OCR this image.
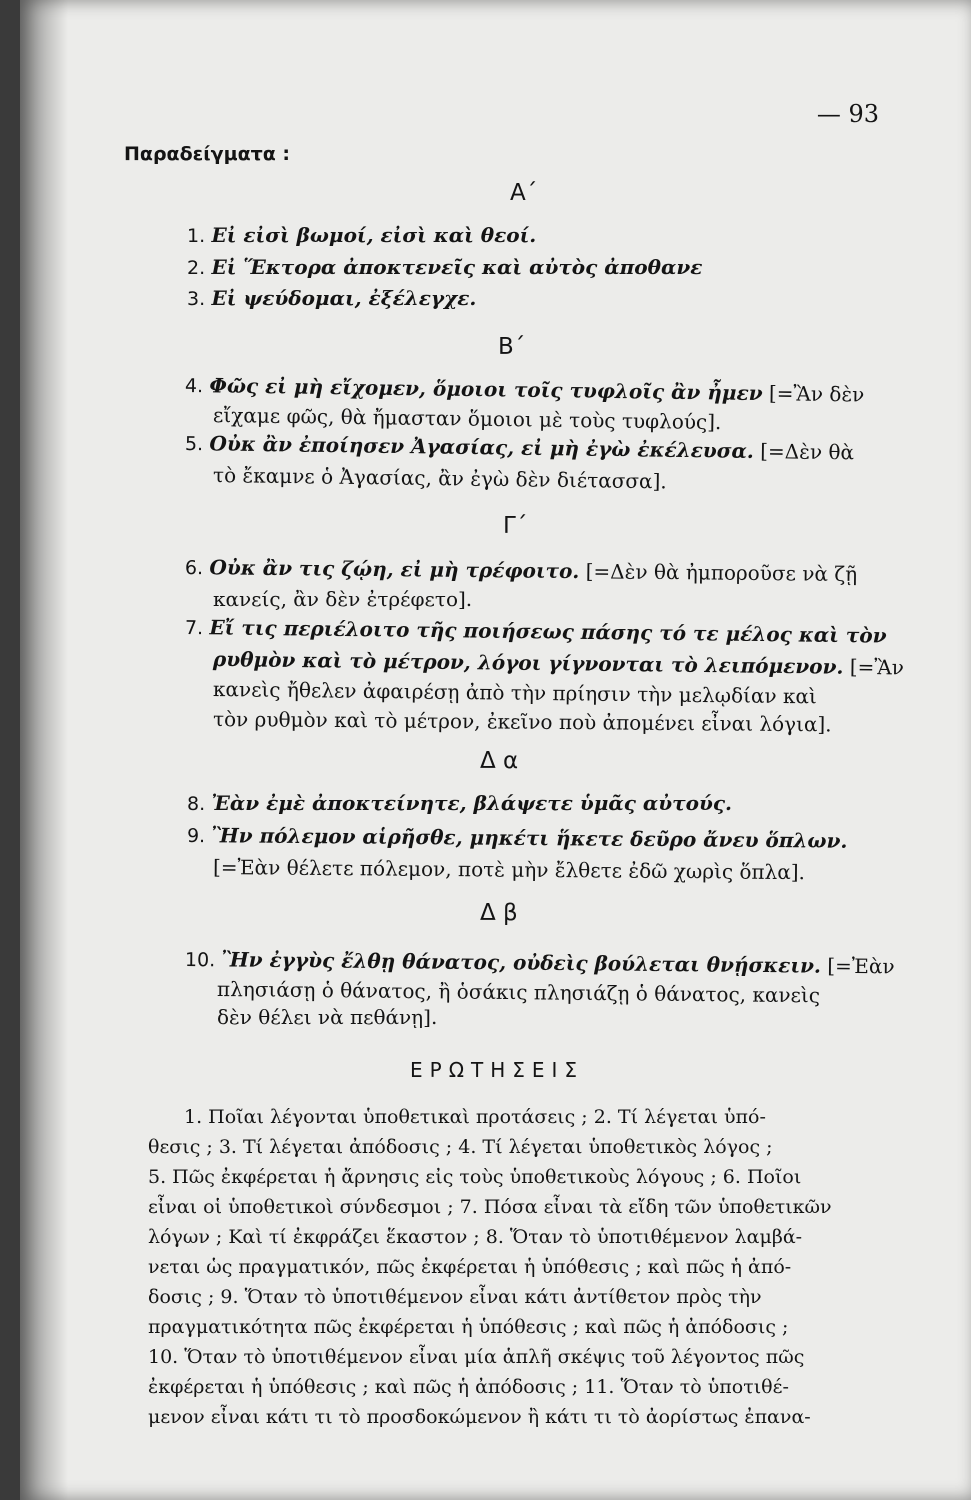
— 93
Παραδείγματα :
Α΄
1. Εἰ εἰσὶ βωμοί, εἰσὶ καὶ θεοί.
2. Εἰ Ἕκτορα ἀποκτενεῖς καὶ αὐτὸς ἀποθανε
3. Εἰ ψεύδομαι, ἐξέλεγχε.
Β΄
4. Φῶς εἰ μὴ εἴχομεν, ὅμοιοι τοῖς τυφλοῖς ἂν ἦμεν [=Ἂν δὲν
εἴχαμε φῶς, θὰ ἤμασταν ὅμοιοι μὲ τοὺς τυφλούς].
5. Οὐκ ἂν ἐποίησεν Ἀγασίας, εἰ μὴ ἐγὼ ἐκέλευσα. [=Δὲν θὰ
τὸ ἔκαμνε ὁ Ἀγασίας, ἂν ἐγὼ δὲν διέτασσα].
Γ΄
6. Οὐκ ἂν τις ζῴη, εἰ μὴ τρέφοιτο. [=Δὲν θὰ ἠμποροῦσε νὰ ζῇ
κανείς, ἂν δὲν ἐτρέφετο].
7. Εἴ τις περιέλοιτο τῆς ποιήσεως πάσης τό τε μέλος καὶ τὸν
ρυθμὸν καὶ τὸ μέτρον, λόγοι γίγνονται τὸ λειπόμενον. [=Ἂν
κανεὶς ἤθελεν ἀφαιρέσῃ ἀπὸ τὴν πρίησιν τὴν μελῳδίαν καὶ
τὸν ρυθμὸν καὶ τὸ μέτρον, ἐκεῖνο ποὺ ἀπομένει εἶναι λόγια].
Δ α
8. Ἐὰν ἐμὲ ἀποκτείνητε, βλάψετε ὑμᾶς αὐτούς.
9. Ἢν πόλεμον αἱρῆσθε, μηκέτι ἥκετε δεῦρο ἄνευ ὅπλων.
[=Ἐὰν θέλετε πόλεμον, ποτὲ μὴν ἔλθετε ἐδῶ χωρὶς ὅπλα].
Δ β
10. Ἢν ἐγγὺς ἔλθῃ θάνατος, οὐδεὶς βούλεται θνῄσκειν. [=Ἐὰν
πλησιάσῃ ὁ θάνατος, ἢ ὁσάκις πλησιάζῃ ὁ θάνατος, κανεὶς
δὲν θέλει νὰ πεθάνῃ].
ΕΡΩΤΗΣΕΙΣ
1. Ποῖαι λέγονται ὑποθετικαὶ προτάσεις ; 2. Τί λέγεται ὑπό-
θεσις ; 3. Τί λέγεται ἀπόδοσις ; 4. Τί λέγεται ὑποθετικὸς λόγος ;
5. Πῶς ἐκφέρεται ἡ ἄρνησις εἰς τοὺς ὑποθετικοὺς λόγους ; 6. Ποῖοι
εἶναι οἱ ὑποθετικοὶ σύνδεσμοι ; 7. Πόσα εἶναι τὰ εἴδη τῶν ὑποθετικῶν
λόγων ; Καὶ τί ἐκφράζει ἕκαστον ; 8. Ὅταν τὸ ὑποτιθέμενον λαμβά-
νεται ὡς πραγματικόν, πῶς ἐκφέρεται ἡ ὑπόθεσις ; καὶ πῶς ἡ ἀπό-
δοσις ; 9. Ὅταν τὸ ὑποτιθέμενον εἶναι κάτι ἀντίθετον πρὸς τὴν
πραγματικότητα πῶς ἐκφέρεται ἡ ὑπόθεσις ; καὶ πῶς ἡ ἀπόδοσις ;
10. Ὅταν τὸ ὑποτιθέμενον εἶναι μία ἁπλῆ σκέψις τοῦ λέγοντος πῶς
ἐκφέρεται ἡ ὑπόθεσις ; καὶ πῶς ἡ ἀπόδοσις ; 11. Ὅταν τὸ ὑποτιθέ-
μενον εἶναι κάτι τι τὸ προσδοκώμενον ἢ κάτι τι τὸ ἀορίστως ἐπανα-
